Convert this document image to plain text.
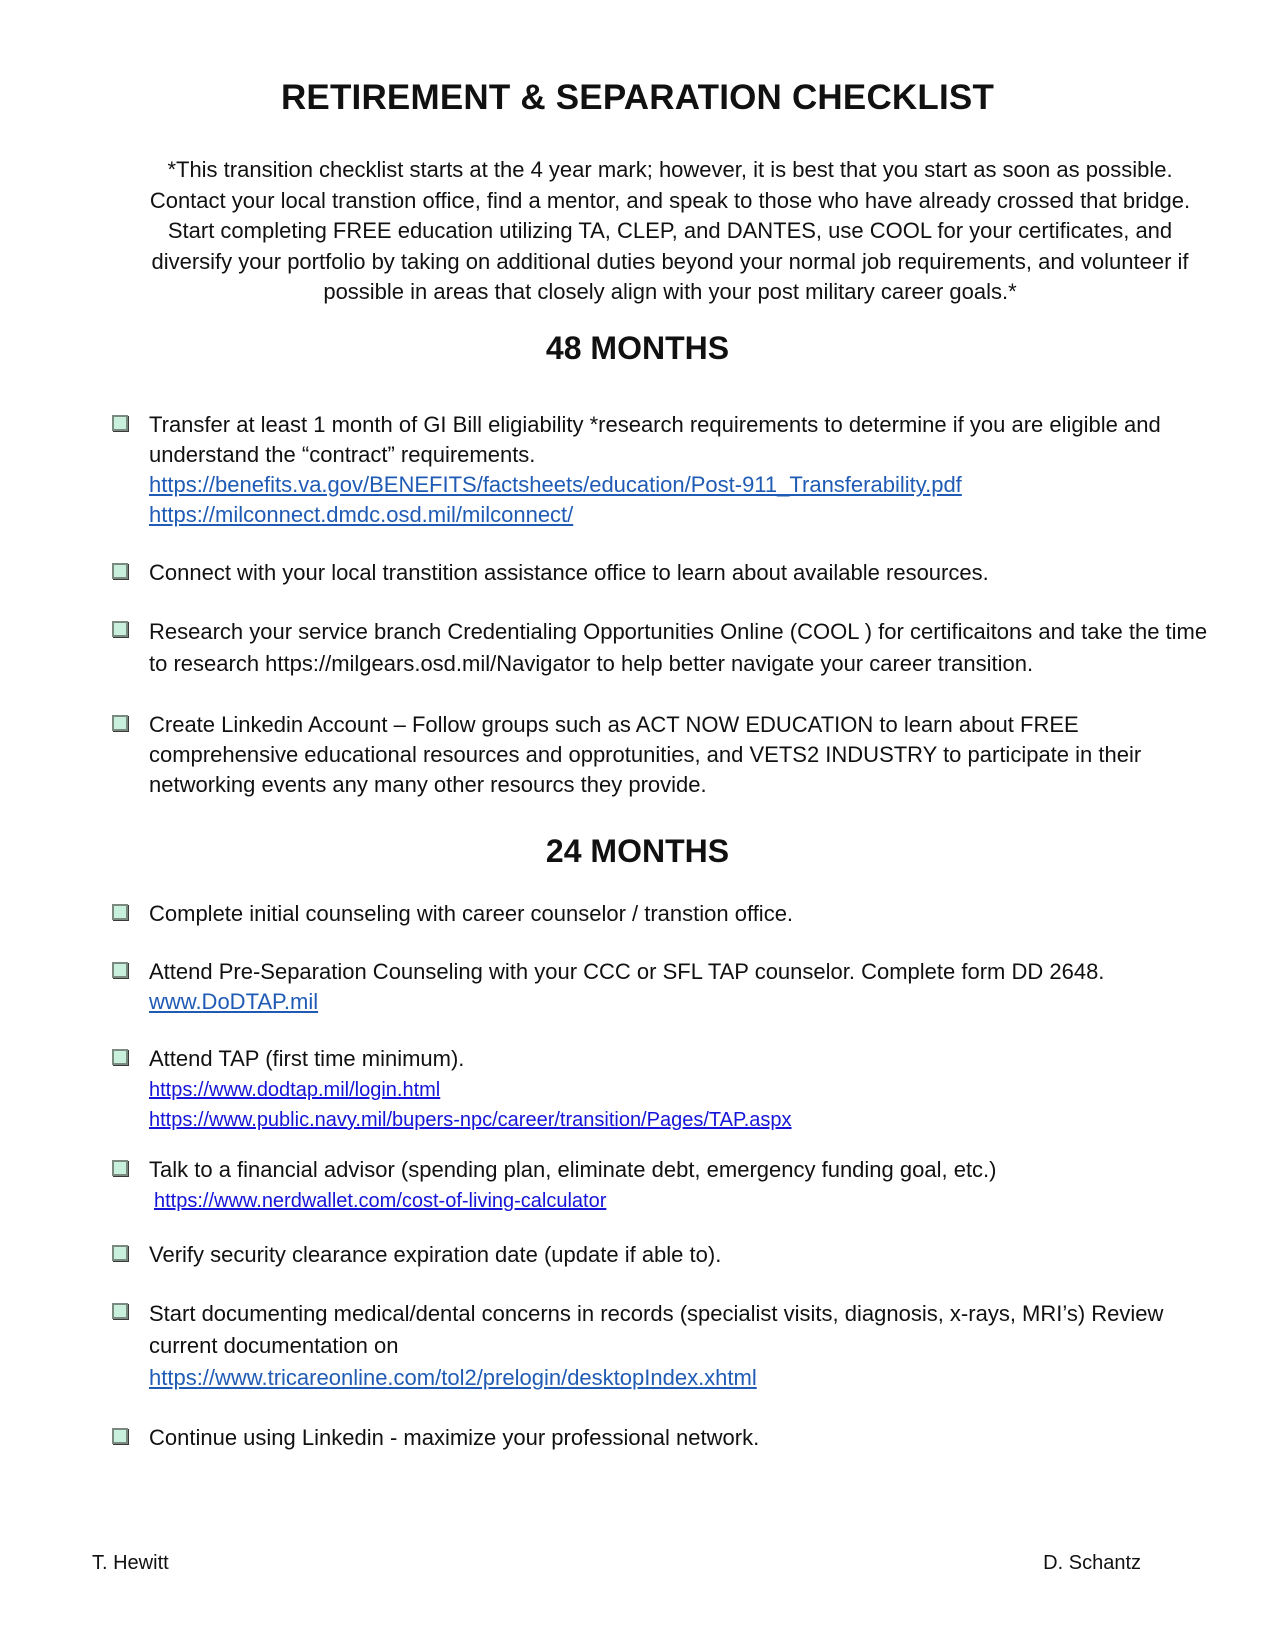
RETIREMENT & SEPARATION CHECKLIST
*This transition checklist starts at the 4 year mark; however, it is best that you start as soon as possible. Contact your local transtion office, find a mentor, and speak to those who have already crossed that bridge. Start completing FREE education utilizing TA, CLEP, and DANTES, use COOL for your certificates, and diversify your portfolio by taking on additional duties beyond your normal job requirements, and volunteer if possible in areas that closely align with your post military career goals.*
48 MONTHS

Transfer at least 1 month of GI Bill eligiability *research requirements to determine if you are eligible and understand the “contract” requirements.

https://benefits.va.gov/BENEFITS/factsheets/education/Post-911_Transferability.pdf
https://milconnect.dmdc.osd.mil/milconnect/

Connect with your local transtition assistance office to learn about available resources.

Research your service branch Credentialing Opportunities Online (COOL ) for certificaitons and take the time to research https://milgears.osd.mil/Navigator to help better navigate your career transition.

Create Linkedin Account – Follow groups such as ACT NOW EDUCATION to learn about FREE comprehensive educational resources and opprotunities, and VETS2 INDUSTRY to participate in their networking events any many other resourcs they provide.

24 MONTHS

Complete initial counseling with career counselor / transtion office.

Attend Pre-Separation Counseling with your CCC or SFL TAP counselor. Complete form DD 2648.

www.DoDTAP.mil

Attend TAP (first time minimum).

https://www.dodtap.mil/login.html
https://www.public.navy.mil/bupers-npc/career/transition/Pages/TAP.aspx

Talk to a financial advisor (spending plan, eliminate debt, emergency funding goal, etc.)

https://www.nerdwallet.com/cost-of-living-calculator

Verify security clearance expiration date (update if able to).

Start documenting medical/dental concerns in records (specialist visits, diagnosis, x-rays, MRI’s) Review current documentation on

https://www.tricareonline.com/tol2/prelogin/desktopIndex.xhtml

Continue using Linkedin - maximize your professional network.

T. Hewitt	D. Schantz
